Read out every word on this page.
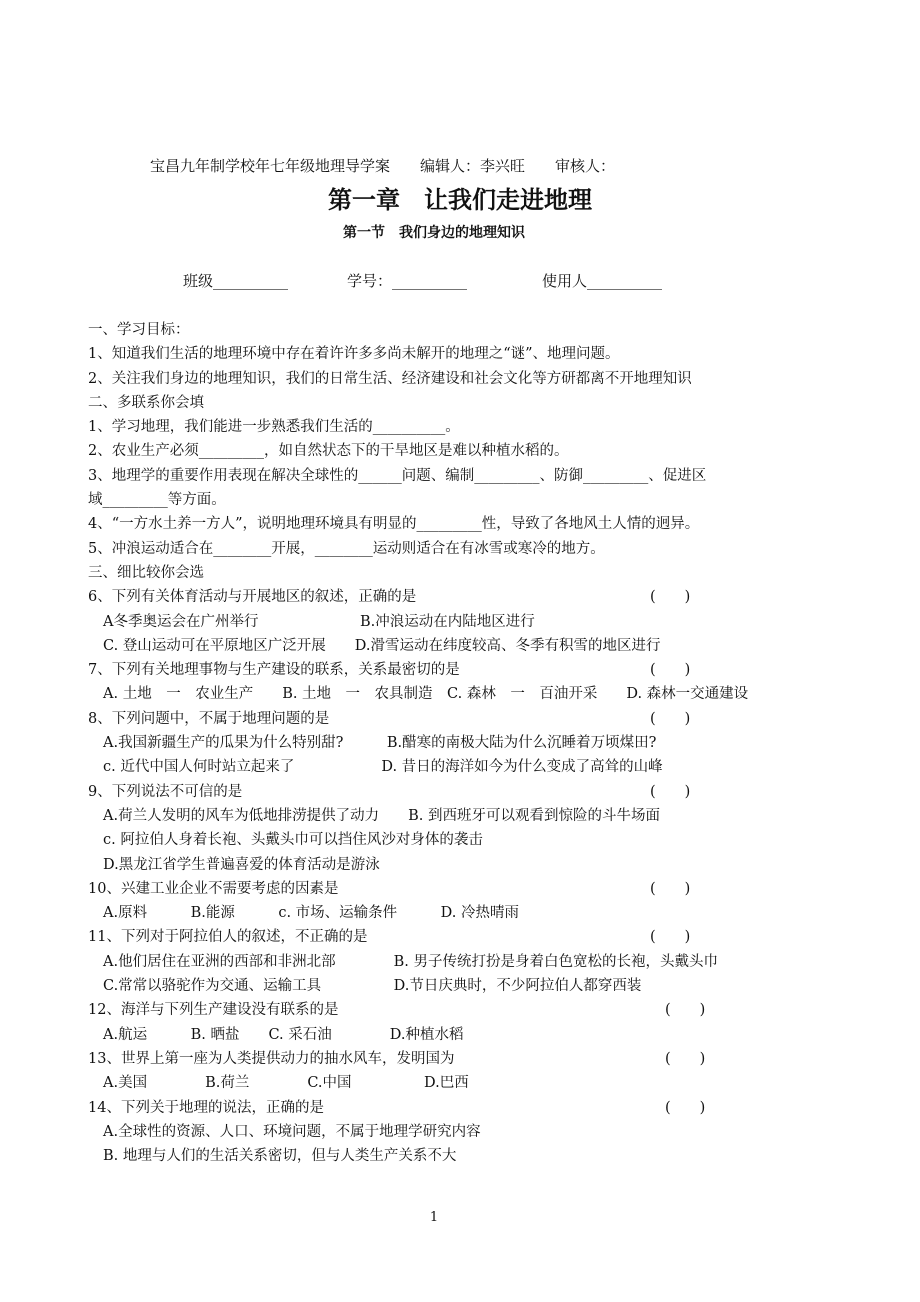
宝昌九年制学校年七年级地理导学案　　编辑人：李兴旺　　审核人：
第一章　让我们走进地理
第一节　我们身边的地理知识
班级__________	学号：__________	使用人__________
一、学习目标：
1、知道我们生活的地理环境中存在着许许多多尚未解开的地理之“谜”、地理问题。
2、关注我们身边的地理知识，我们的日常生活、经济建设和社会文化等方研都离不开地理知识
二、多联系你会填
1、学习地理，我们能进一步熟悉我们生活的__________。
2、农业生产必须_________，如自然状态下的干旱地区是难以种植水稻的。
3、地理学的重要作用表现在解决全球性的______问题、编制_________、防御_________、促进区
域_________等方面。
4、“一方水土养一方人”，说明地理环境具有明显的_________性，导致了各地风土人情的迥异。
5、冲浪运动适合在________开展，________运动则适合在有冰雪或寒冷的地方。
三、细比较你会选
6、下列有关体育活动与开展地区的叙述，正确的是	(　　)
A冬季奥运会在广州举行　　　　　　　B.冲浪运动在内陆地区进行
C. 登山运动可在平原地区广泛开展　　D.滑雪运动在纬度较高、冬季有积雪的地区进行
7、下列有关地理事物与生产建设的联系，关系最密切的是	(　　)
A. 土地　一　农业生产　　B. 土地　一　农具制造　C. 森林　一　百油开采　　D. 森林一交通建设
8、下列问题中，不属于地理问题的是	(　　)
A.我国新疆生产的瓜果为什么特别甜?　　　B.醋寒的南极大陆为什么沉睡着万顷煤田?
c. 近代中国人何时站立起来了　　　　　　D. 昔日的海洋如今为什么变成了高耸的山峰
9、下列说法不可信的是	(　　)
A.荷兰人发明的风车为低地排涝提供了动力　　B. 到西班牙可以观看到惊险的斗牛场面
c. 阿拉伯人身着长袍、头戴头巾可以挡住风沙对身体的袭击
D.黑龙江省学生普遍喜爱的体育活动是游泳
10、兴建工业企业不需要考虑的因素是	(　　)
A.原料　　　B.能源　　　c. 市场、运输条件　　　D. 冷热晴雨
11、下列对于阿拉伯人的叙述，不正确的是	(　　)
A.他们居住在亚洲的西部和非洲北部　　　　B. 男子传统打扮是身着白色宽松的长袍，头戴头巾
C.常常以骆驼作为交通、运输工具　　　　　D.节日庆典时，不少阿拉伯人都穿西装
12、海洋与下列生产建设没有联系的是	(　　)
A.航运　　　B. 晒盐　　C. 采石油　　　　D.种植水稻
13、世界上第一座为人类提供动力的抽水风车，发明国为	(　　)
A.美国　　　　B.荷兰　　　　C.中国　　　　　D.巴西
14、下列关于地理的说法，正确的是	(　　)
A.全球性的资源、人口、环境问题，不属于地理学研究内容
B. 地理与人们的生活关系密切，但与人类生产关系不大
1
